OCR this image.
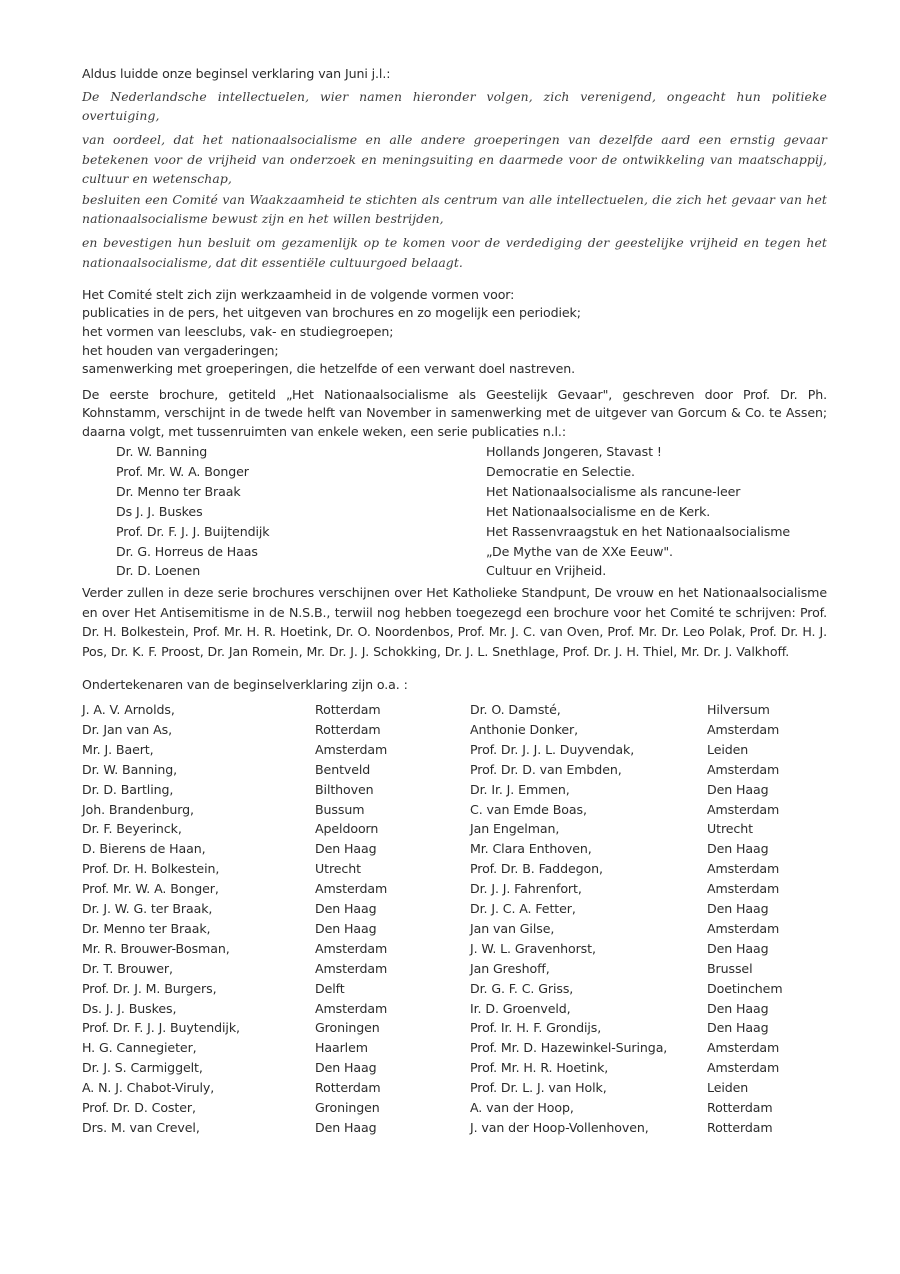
Aldus luidde onze beginsel verklaring van Juni j.l.:

De Nederlandsche intellectuelen, wier namen hieronder volgen, zich verenigend, ongeacht hun politieke overtuiging,

van oordeel, dat het nationaalsocialisme en alle andere groeperingen van dezelfde aard een ernstig gevaar betekenen voor de vrijheid van onderzoek en meningsuiting en daarmede voor de ontwikkeling van maatschappij, cultuur en wetenschap,

besluiten een Comité van Waakzaamheid te stichten als centrum van alle intellectuelen, die zich het gevaar van het nationaalsocialisme bewust zijn en het willen bestrijden,

en bevestigen hun besluit om gezamenlijk op te komen voor de verdediging der geestelijke vrijheid en tegen het nationaalsocialisme, dat dit essentiële cultuurgoed belaagt.

Het Comité stelt zich zijn werkzaamheid in de volgende vormen voor:
publicaties in de pers, het uitgeven van brochures en zo mogelijk een periodiek;
het vormen van leesclubs, vak- en studiegroepen;
het houden van vergaderingen;
samenwerking met groeperingen, die hetzelfde of een verwant doel nastreven.

De eerste brochure, getiteld „Het Nationaalsocialisme als Geestelijk Gevaar", geschreven door Prof. Dr. Ph. Kohnstamm, verschijnt in de twede helft van November in samenwerking met de uitgever van Gorcum & Co. te Assen; daarna volgt, met tussenruimten van enkele weken, een serie publicaties n.l.:

Dr. W. Banning	Hollands Jongeren, Stavast !
Prof. Mr. W. A. Bonger	Democratie en Selectie.
Dr. Menno ter Braak	Het Nationaalsocialisme als rancune-leer
Ds J. J. Buskes	Het Nationaalsocialisme en de Kerk.
Prof. Dr. F. J. J. Buijtendijk	Het Rassenvraagstuk en het Nationaalsocialisme
Dr. G. Horreus de Haas	„De Mythe van de XXe Eeuw".
Dr. D. Loenen	Cultuur en Vrijheid.

Verder zullen in deze serie brochures verschijnen over Het Katholieke Standpunt, De vrouw en het Nationaalsocialisme en over Het Antisemitisme in de N.S.B., terwiil nog hebben toegezegd een brochure voor het Comité te schrijven: Prof. Dr. H. Bolkestein, Prof. Mr. H. R. Hoetink, Dr. O. Noordenbos, Prof. Mr. J. C. van Oven, Prof. Mr. Dr. Leo Polak, Prof. Dr. H. J. Pos, Dr. K. F. Proost, Dr. Jan Romein, Mr. Dr. J. J. Schokking, Dr. J. L. Snethlage, Prof. Dr. J. H. Thiel, Mr. Dr. J. Valkhoff.

Ondertekenaren van de beginselverklaring zijn o.a. :

J. A. V. Arnolds,	Rotterdam	Dr. O. Damsté,	Hilversum
Dr. Jan van As,	Rotterdam	Anthonie Donker,	Amsterdam
Mr. J. Baert,	Amsterdam	Prof. Dr. J. J. L. Duyvendak,	Leiden
Dr. W. Banning,	Bentveld	Prof. Dr. D. van Embden,	Amsterdam
Dr. D. Bartling,	Bilthoven	Dr. Ir. J. Emmen,	Den Haag
Joh. Brandenburg,	Bussum	C. van Emde Boas,	Amsterdam
Dr. F. Beyerinck,	Apeldoorn	Jan Engelman,	Utrecht
D. Bierens de Haan,	Den Haag	Mr. Clara Enthoven,	Den Haag
Prof. Dr. H. Bolkestein,	Utrecht	Prof. Dr. B. Faddegon,	Amsterdam
Prof. Mr. W. A. Bonger,	Amsterdam	Dr. J. J. Fahrenfort,	Amsterdam
Dr. J. W. G. ter Braak,	Den Haag	Dr. J. C. A. Fetter,	Den Haag
Dr. Menno ter Braak,	Den Haag	Jan van Gilse,	Amsterdam
Mr. R. Brouwer-Bosman,	Amsterdam	J. W. L. Gravenhorst,	Den Haag
Dr. T. Brouwer,	Amsterdam	Jan Greshoff,	Brussel
Prof. Dr. J. M. Burgers,	Delft	Dr. G. F. C. Griss,	Doetinchem
Ds. J. J. Buskes,	Amsterdam	Ir. D. Groenveld,	Den Haag
Prof. Dr. F. J. J. Buytendijk,	Groningen	Prof. Ir. H. F. Grondijs,	Den Haag
H. G. Cannegieter,	Haarlem	Prof. Mr. D. Hazewinkel-Suringa,	Amsterdam
Dr. J. S. Carmiggelt,	Den Haag	Prof. Mr. H. R. Hoetink,	Amsterdam
A. N. J. Chabot-Viruly,	Rotterdam	Prof. Dr. L. J. van Holk,	Leiden
Prof. Dr. D. Coster,	Groningen	A. van der Hoop,	Rotterdam
Drs. M. van Crevel,	Den Haag	J. van der Hoop-Vollenhoven,	Rotterdam
